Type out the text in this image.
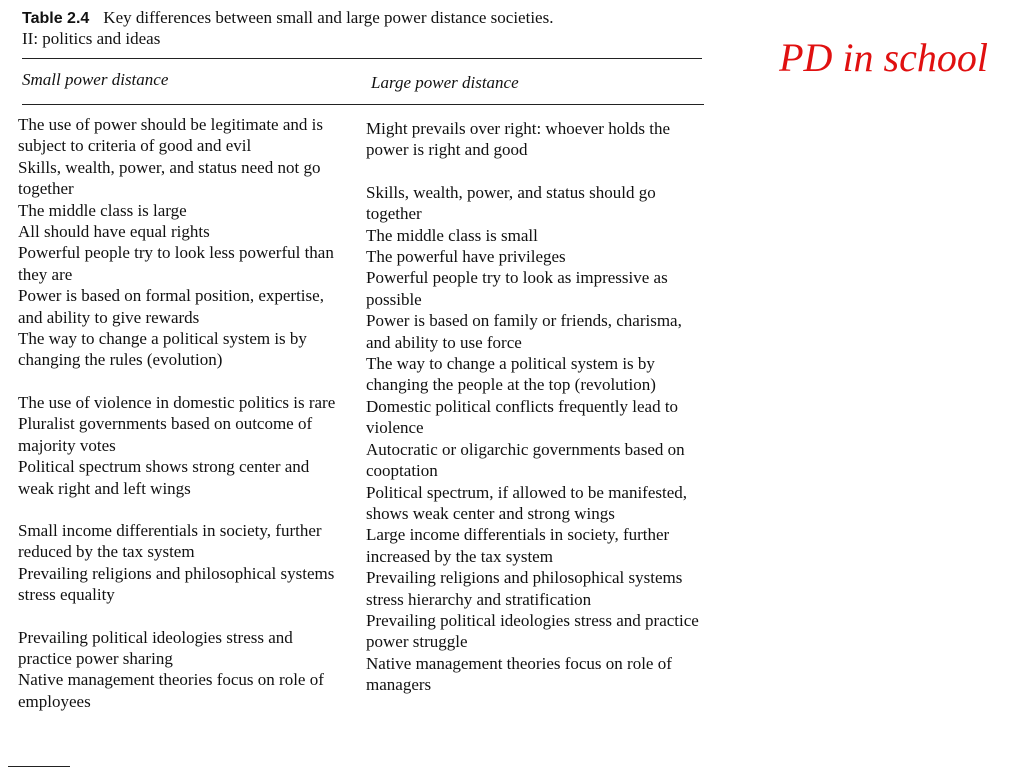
PD in school
Table 2.4 Key differences between small and large power distance societies.
II: politics and ideas
Small power distance	Large power distance

The use of power should be legitimate and is subject to criteria of good and evil

Skills, wealth, power, and status need not go together

The middle class is large

All should have equal rights

Powerful people try to look less powerful than they are

Power is based on formal position, expertise, and ability to give rewards

The way to change a political system is by changing the rules (evolution)

The use of violence in domestic politics is rare

Pluralist governments based on outcome of majority votes

Political spectrum shows strong center and weak right and left wings

Small income differentials in society, further reduced by the tax system

Prevailing religions and philosophical systems stress equality

Prevailing political ideologies stress and practice power sharing

Native management theories focus on role of employees

Might prevails over right: whoever holds the power is right and good

Skills, wealth, power, and status should go together

The middle class is small

The powerful have privileges

Powerful people try to look as impressive as possible

Power is based on family or friends, charisma, and ability to use force

The way to change a political system is by changing the people at the top (revolution)

Domestic political conflicts frequently lead to violence

Autocratic or oligarchic governments based on cooptation

Political spectrum, if allowed to be manifested, shows weak center and strong wings

Large income differentials in society, further increased by the tax system

Prevailing religions and philosophical systems stress hierarchy and stratification

Prevailing political ideologies stress and practice power struggle

Native management theories focus on role of managers
